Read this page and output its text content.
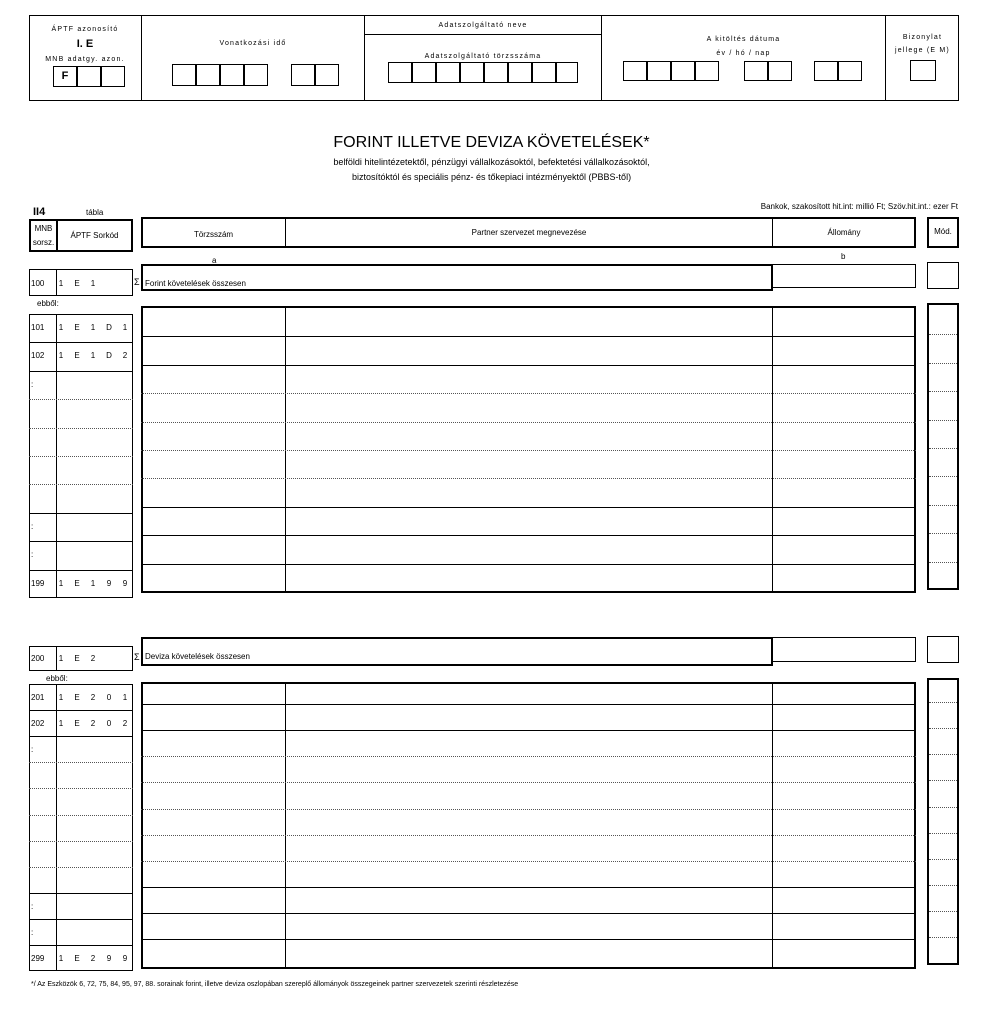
ÁPTF azonosító
I. E
MNB adatgy. azon.
F
Vonatkozási idő
Adatszolgáltató neve
Adatszolgáltató törzsszáma
A kitöltés dátuma
év / hó / nap
Bizonylat
jellege (E M)
FORINT ILLETVE DEVIZA KÖVETELÉSEK*
belföldi hitelintézetektől, pénzügyi vállalkozásoktól, befektetési vállalkozásoktól,
biztosítóktól és speciális pénz- és tőkepiaci intézményektől (PBBS-től)
II4	tábla
Bankok, szakosított hit.int: millió Ft; Szöv.hit.int.: ezer Ft
MNB
sorsz.
ÁPTF Sorkód	Törzsszám	Partner szervezet megnevezése	Állomány	Mód.
a	b
100	1	E	1	Σ Forint követelések összesen
ebből:
101	1	E	1	D	1
102	1	E	1	D	2
:
:
:
199	1	E	1	9	9
200	1	E	2	Σ Deviza követelések összesen
ebből:
201	1	E	2	0	1
202	1	E	2	0	2
:
:
:
299	1	E	2	9	9
*/ Az Eszközök 6, 72, 75, 84, 95, 97, 88. sorainak forint, illetve deviza oszlopában szereplő állományok összegeinek partner szervezetek szerinti részletezése
